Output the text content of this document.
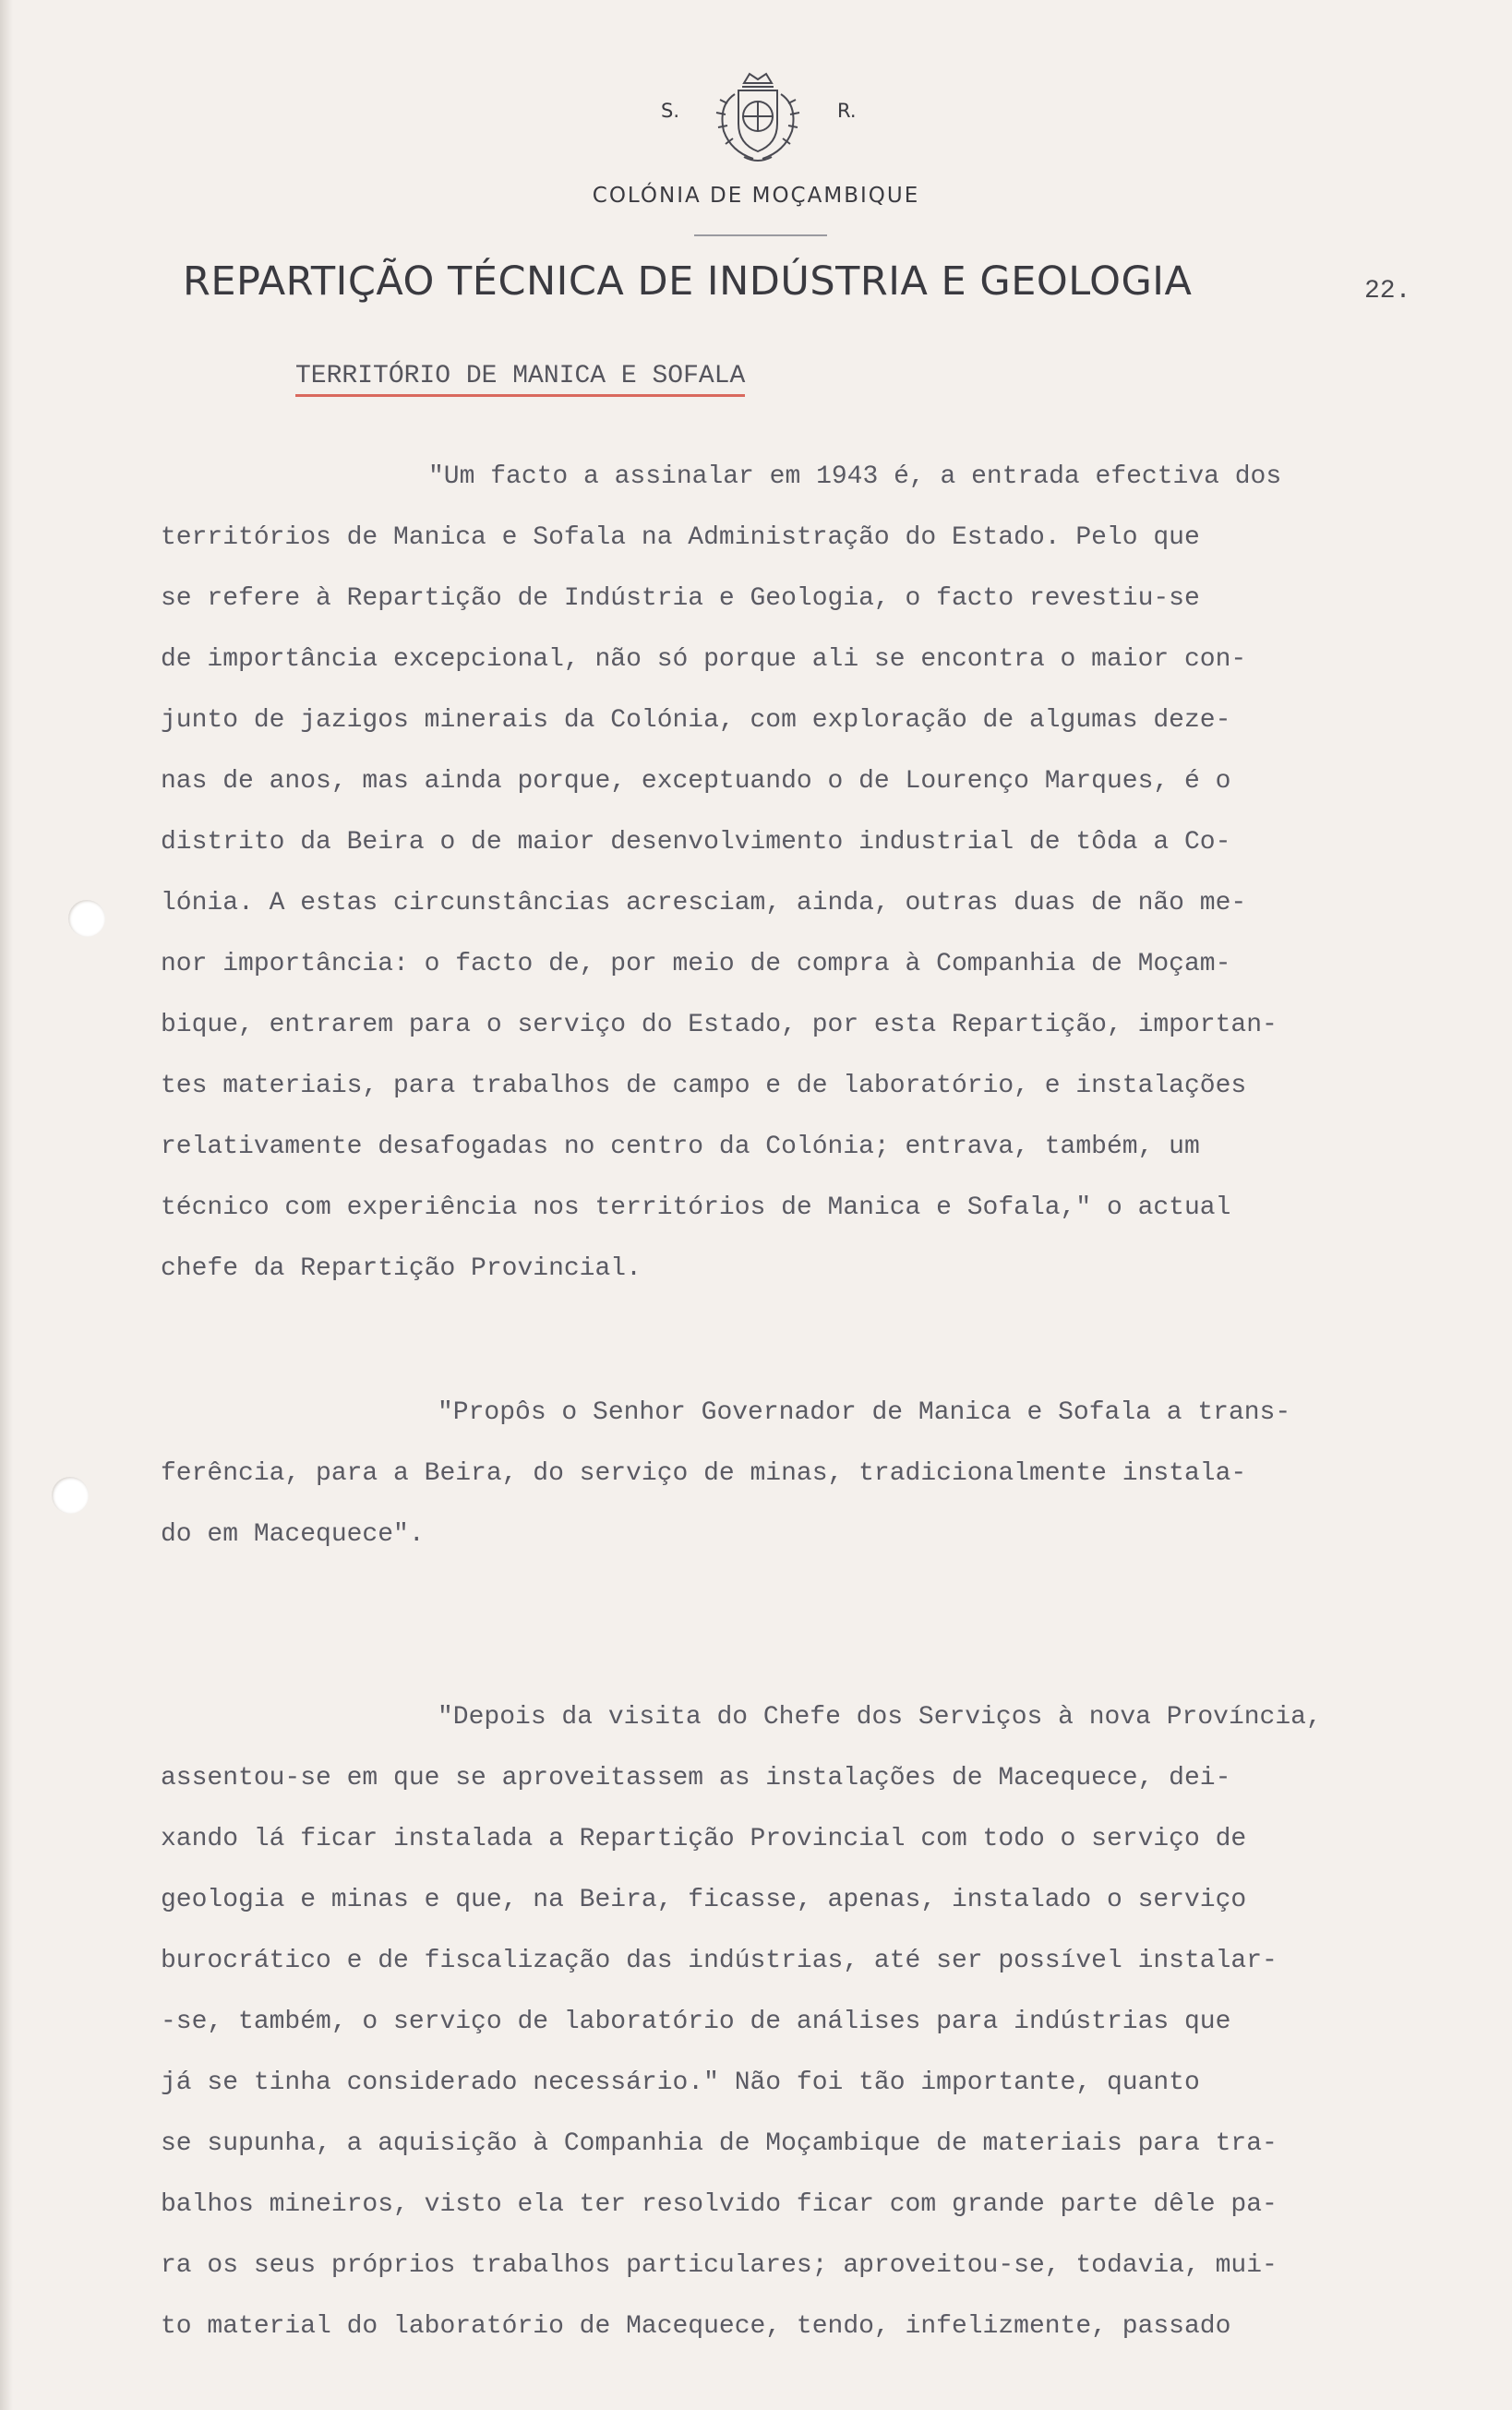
S.	R.
COLÓNIA DE MOÇAMBIQUE
REPARTIÇÃO TÉCNICA DE INDÚSTRIA E GEOLOGIA	22.
TERRITÓRIO DE MANICA E SOFALA
"Um facto a assinalar em 1943 é, a entrada efectiva dos
territórios de Manica e Sofala na Administração do Estado. Pelo que
se refere à Repartição de Indústria e Geologia, o facto revestiu-se
de importância excepcional, não só porque ali se encontra o maior con-
junto de jazigos minerais da Colónia, com exploração de algumas deze-
nas de anos, mas ainda porque, exceptuando o de Lourenço Marques, é o
distrito da Beira o de maior desenvolvimento industrial de tôda a Co-
lónia. A estas circunstâncias acresciam, ainda, outras duas de não me-
nor importância: o facto de, por meio de compra à Companhia de Moçam-
bique, entrarem para o serviço do Estado, por esta Repartição, importan-
tes materiais, para trabalhos de campo e de laboratório, e instalações
relativamente desafogadas no centro da Colónia; entrava, também, um
técnico com experiência nos territórios de Manica e Sofala," o actual
chefe da Repartição Provincial.
"Propôs o Senhor Governador de Manica e Sofala a trans-
ferência, para a Beira, do serviço de minas, tradicionalmente instala-
do em Macequece".
"Depois da visita do Chefe dos Serviços à nova Província,
assentou-se em que se aproveitassem as instalações de Macequece, dei-
xando lá ficar instalada a Repartição Provincial com todo o serviço de
geologia e minas e que, na Beira, ficasse, apenas, instalado o serviço
burocrático e de fiscalização das indústrias, até ser possível instalar-
-se, também, o serviço de laboratório de análises para indústrias que
já se tinha considerado necessário." Não foi tão importante, quanto
se supunha, a aquisição à Companhia de Moçambique de materiais para tra-
balhos mineiros, visto ela ter resolvido ficar com grande parte dêle pa-
ra os seus próprios trabalhos particulares; aproveitou-se, todavia, mui-
to material do laboratório de Macequece, tendo, infelizmente, passado
